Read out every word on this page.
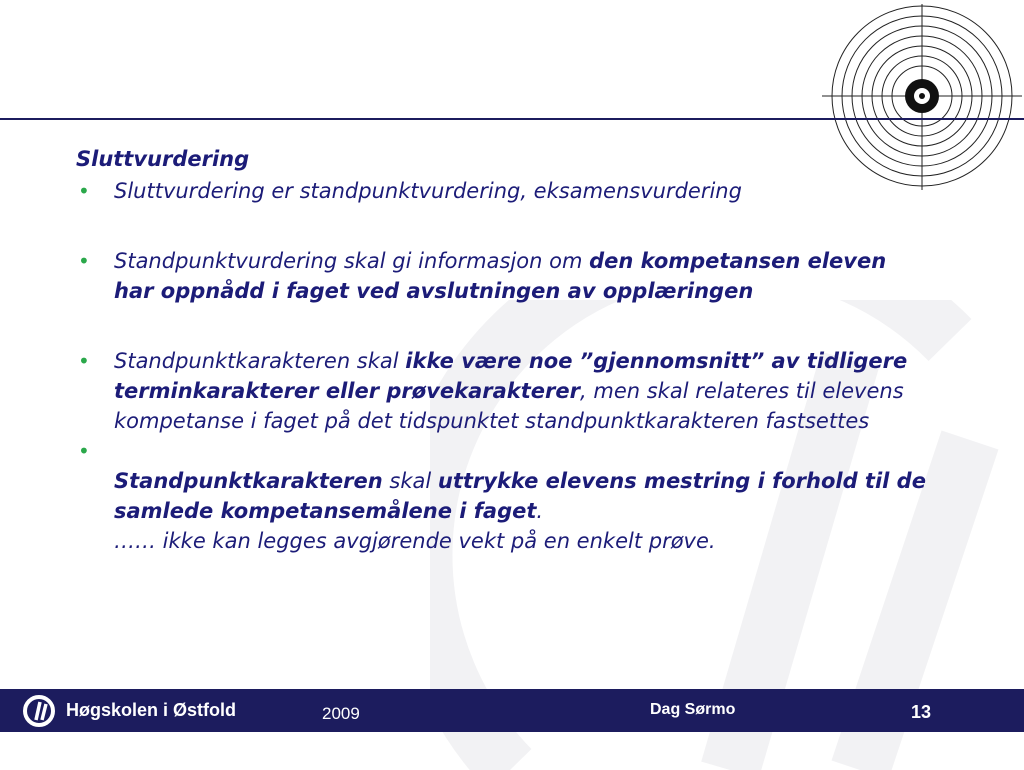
Sluttvurdering

• Sluttvurdering er standpunktvurdering, eksamensvurdering

• Standpunktvurdering skal gi informasjon om den kompetansen eleven har oppnådd i faget ved avslutningen av opplæringen

• Standpunktkarakteren skal ikke være noe ”gjennomsnitt” av tidligere terminkarakterer eller prøvekarakterer, men skal relateres til elevens kompetanse i faget på det tidspunktet standpunktkarakteren fastsettes

•

Standpunktkarakteren skal uttrykke elevens mestring i forhold til de samlede kompetansemålene i faget.
…… ikke kan legges avgjørende vekt på en enkelt prøve.

Høgskolen i Østfold	2009	Dag Sørmo	13
